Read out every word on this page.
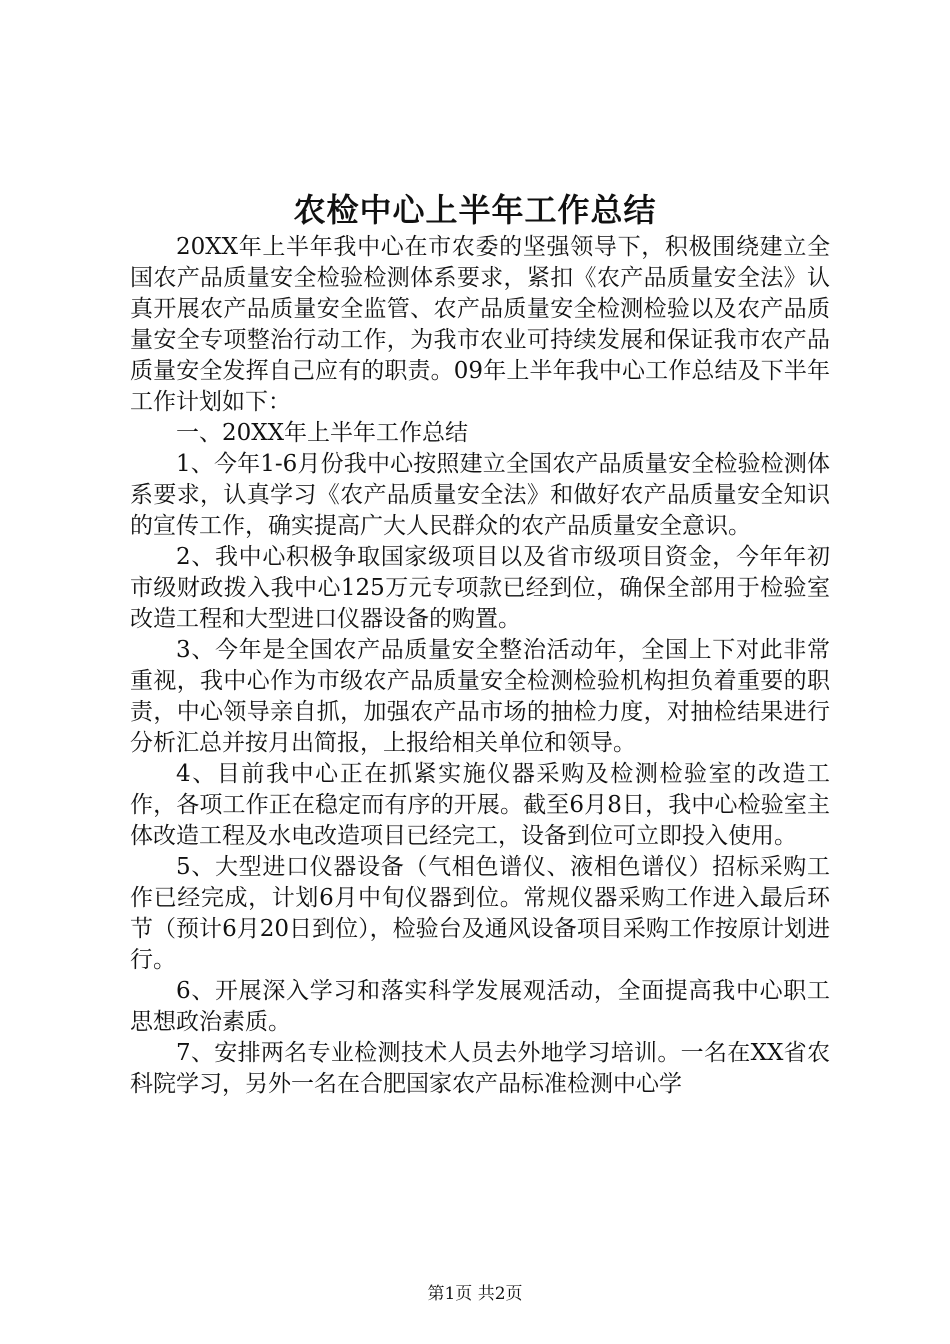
农检中心上半年工作总结

20XX年上半年我中心在市农委的坚强领导下，积极围绕建立全国农产品质量安全检验检测体系要求，紧扣《农产品质量安全法》认真开展农产品质量安全监管、农产品质量安全检测检验以及农产品质量安全专项整治行动工作，为我市农业可持续发展和保证我市农产品质量安全发挥自己应有的职责。09年上半年我中心工作总结及下半年工作计划如下：

一、20XX年上半年工作总结

1、今年1-6月份我中心按照建立全国农产品质量安全检验检测体系要求，认真学习《农产品质量安全法》和做好农产品质量安全知识的宣传工作，确实提高广大人民群众的农产品质量安全意识。

2、我中心积极争取国家级项目以及省市级项目资金，今年年初市级财政拨入我中心125万元专项款已经到位，确保全部用于检验室改造工程和大型进口仪器设备的购置。

3、今年是全国农产品质量安全整治活动年，全国上下对此非常重视，我中心作为市级农产品质量安全检测检验机构担负着重要的职责，中心领导亲自抓，加强农产品市场的抽检力度，对抽检结果进行分析汇总并按月出简报，上报给相关单位和领导。

4、目前我中心正在抓紧实施仪器采购及检测检验室的改造工作，各项工作正在稳定而有序的开展。截至6月8日，我中心检验室主体改造工程及水电改造项目已经完工，设备到位可立即投入使用。

5、大型进口仪器设备（气相色谱仪、液相色谱仪）招标采购工作已经完成，计划6月中旬仪器到位。常规仪器采购工作进入最后环节（预计6月20日到位），检验台及通风设备项目采购工作按原计划进行。

6、开展深入学习和落实科学发展观活动，全面提高我中心职工思想政治素质。

7、安排两名专业检测技术人员去外地学习培训。一名在XX省农科院学习，另外一名在合肥国家农产品标准检测中心学

第1页 共2页
